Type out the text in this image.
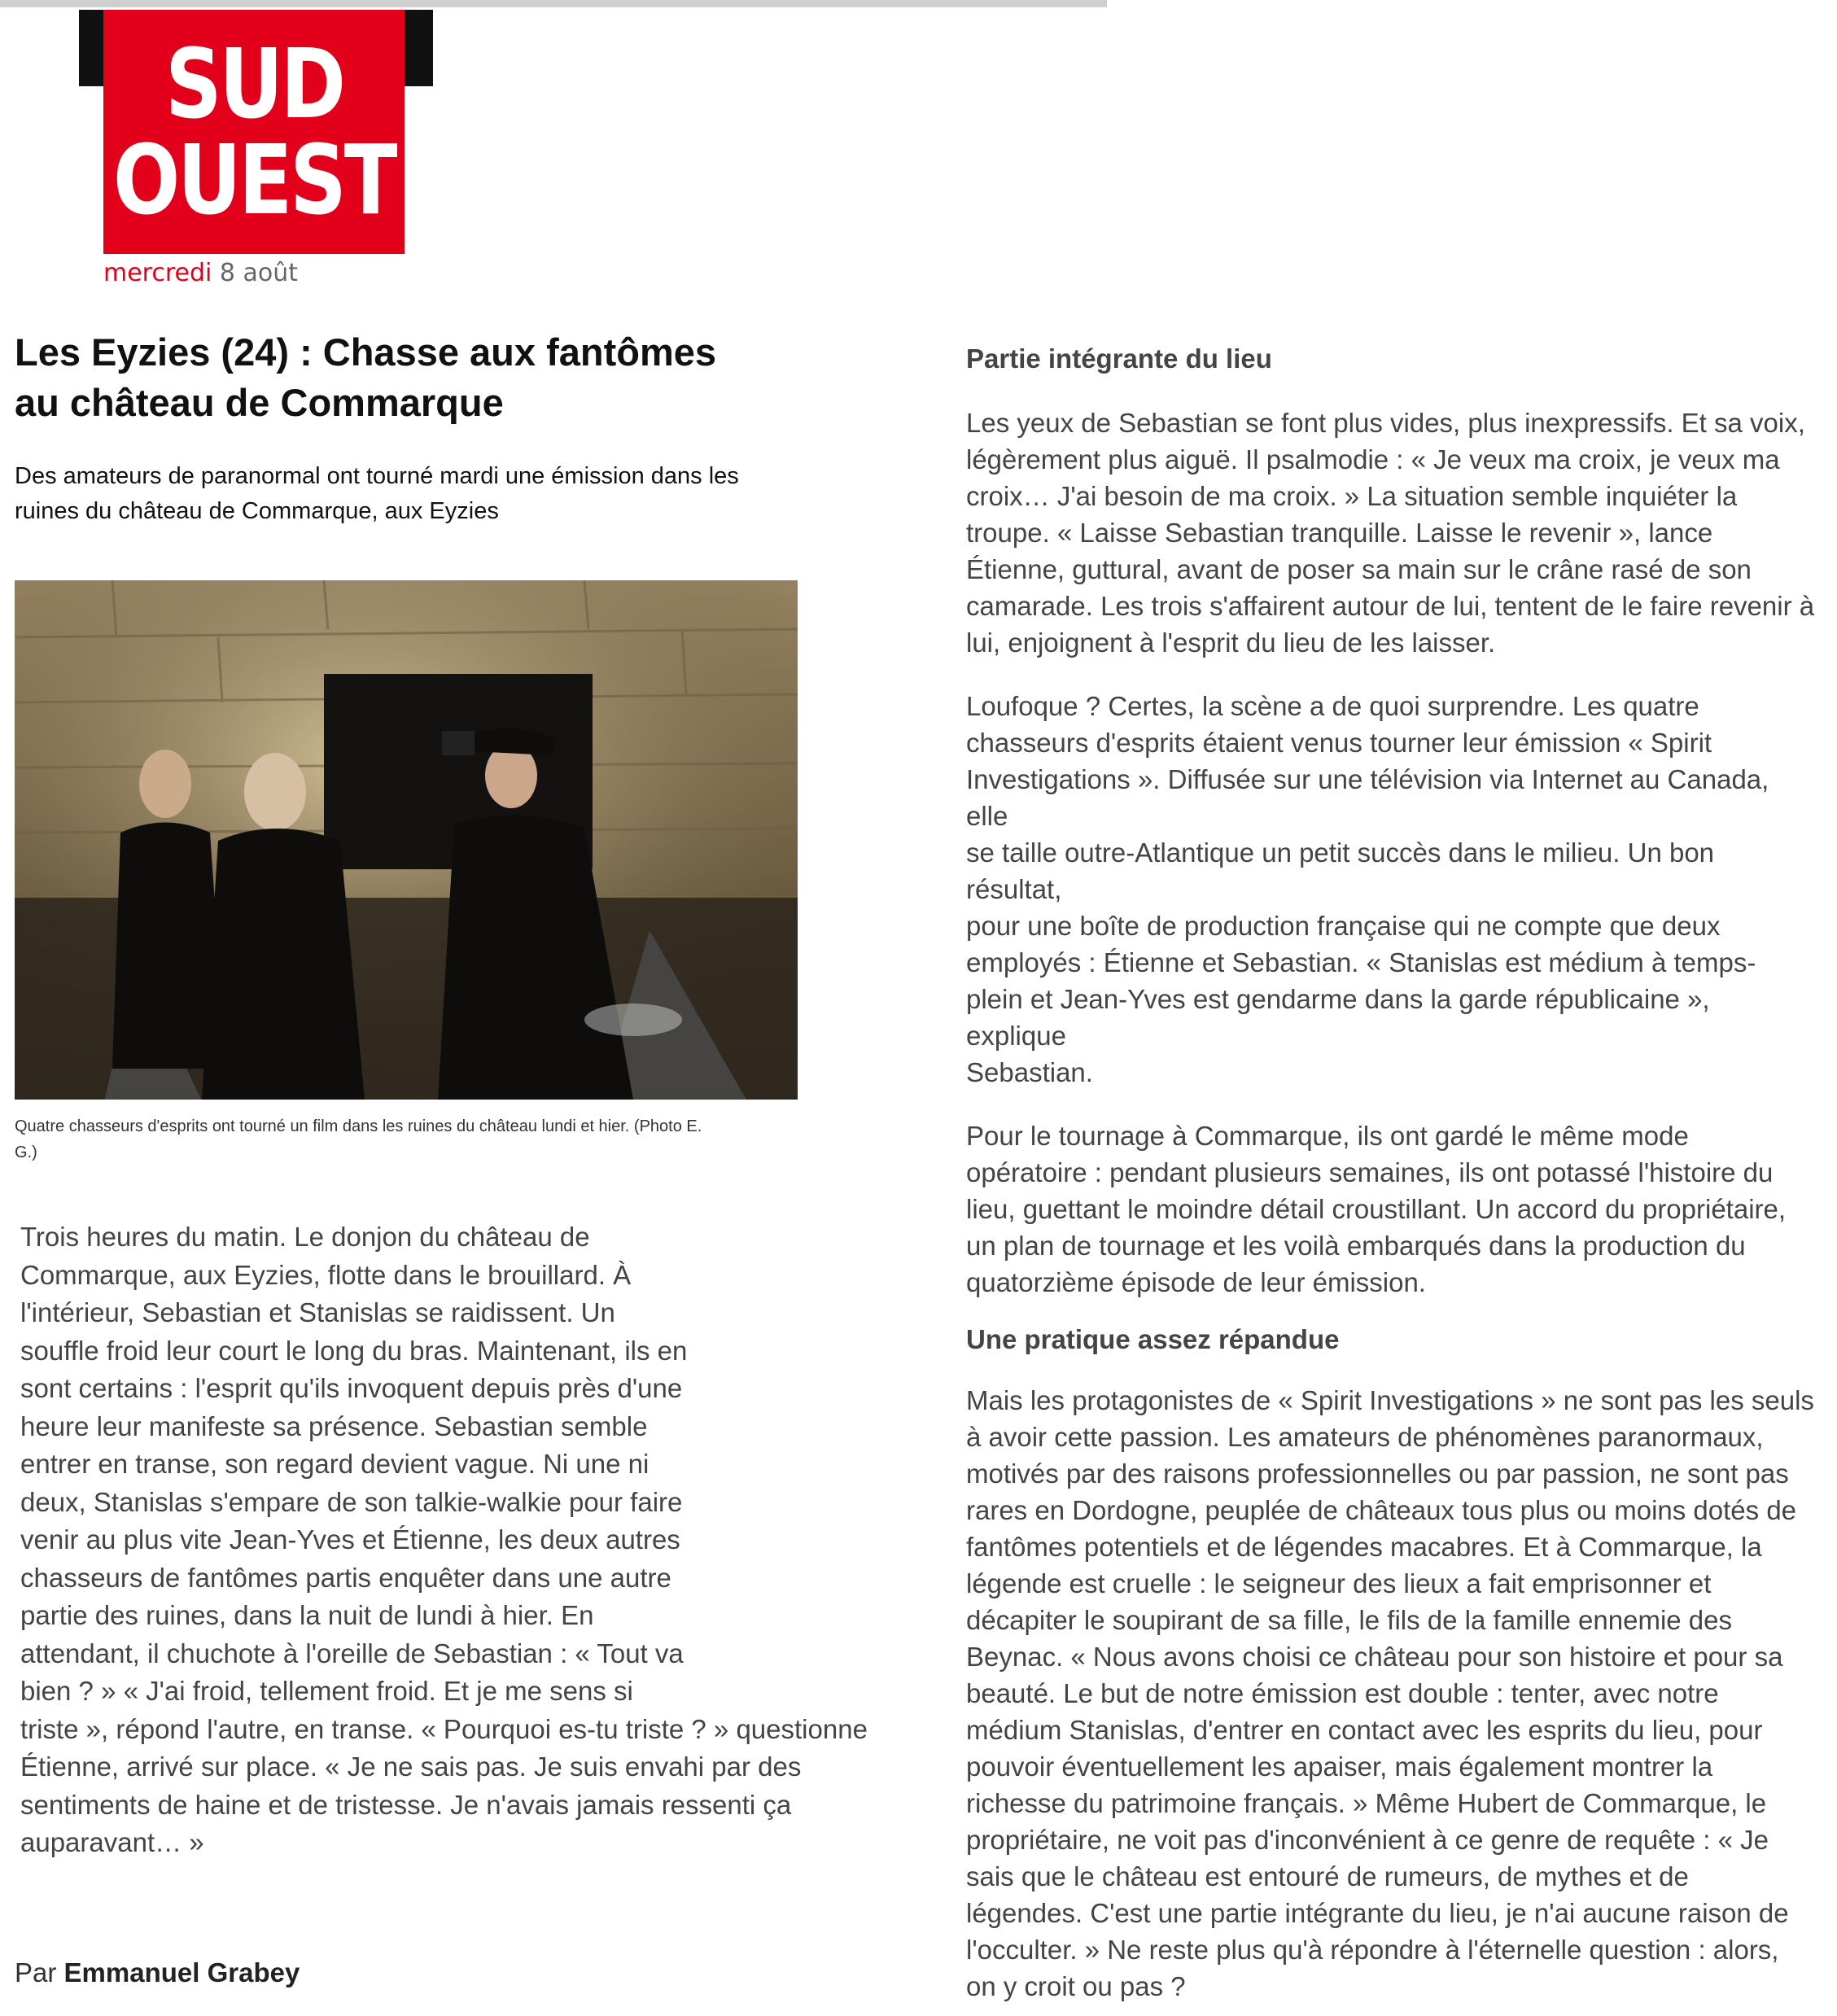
SUD
OUEST
mercredi 8 août
Les Eyzies (24) : Chasse aux fantômes
au château de Commarque

Des amateurs de paranormal ont tourné mardi une émission dans les
ruines du château de Commarque, aux Eyzies

Quatre chasseurs d'esprits ont tourné un film dans les ruines du château lundi et hier. (Photo E.
G.)
Trois heures du matin. Le donjon du château de
Commarque, aux Eyzies, flotte dans le brouillard. À
l'intérieur, Sebastian et Stanislas se raidissent. Un
souffle froid leur court le long du bras. Maintenant, ils en
sont certains : l'esprit qu'ils invoquent depuis près d'une
heure leur manifeste sa présence. Sebastian semble
entrer en transe, son regard devient vague. Ni une ni
deux, Stanislas s'empare de son talkie-walkie pour faire
venir au plus vite Jean-Yves et Étienne, les deux autres
chasseurs de fantômes partis enquêter dans une autre
partie des ruines, dans la nuit de lundi à hier. En
attendant, il chuchote à l'oreille de Sebastian : « Tout va
bien ? » « J'ai froid, tellement froid. Et je me sens si
triste », répond l'autre, en transe. « Pourquoi es-tu triste ? » questionne
Étienne, arrivé sur place. « Je ne sais pas. Je suis envahi par des
sentiments de haine et de tristesse. Je n'avais jamais ressenti ça
auparavant… »
Par Emmanuel Grabey

Partie intégrante du lieu

Les yeux de Sebastian se font plus vides, plus inexpressifs. Et sa voix,
légèrement plus aiguë. Il psalmodie : « Je veux ma croix, je veux ma
croix… J'ai besoin de ma croix. » La situation semble inquiéter la
troupe. « Laisse Sebastian tranquille. Laisse le revenir », lance
Étienne, guttural, avant de poser sa main sur le crâne rasé de son
camarade. Les trois s'affairent autour de lui, tentent de le faire revenir à
lui, enjoignent à l'esprit du lieu de les laisser.

Loufoque ? Certes, la scène a de quoi surprendre. Les quatre
chasseurs d'esprits étaient venus tourner leur émission « Spirit
Investigations ». Diffusée sur une télévision via Internet au Canada, elle
se taille outre-Atlantique un petit succès dans le milieu. Un bon résultat,
pour une boîte de production française qui ne compte que deux
employés : Étienne et Sebastian. « Stanislas est médium à temps-
plein et Jean-Yves est gendarme dans la garde républicaine », explique
Sebastian.

Pour le tournage à Commarque, ils ont gardé le même mode
opératoire : pendant plusieurs semaines, ils ont potassé l'histoire du
lieu, guettant le moindre détail croustillant. Un accord du propriétaire,
un plan de tournage et les voilà embarqués dans la production du
quatorzième épisode de leur émission.

Une pratique assez répandue

Mais les protagonistes de « Spirit Investigations » ne sont pas les seuls
à avoir cette passion. Les amateurs de phénomènes paranormaux,
motivés par des raisons professionnelles ou par passion, ne sont pas
rares en Dordogne, peuplée de châteaux tous plus ou moins dotés de
fantômes potentiels et de légendes macabres. Et à Commarque, la
légende est cruelle : le seigneur des lieux a fait emprisonner et
décapiter le soupirant de sa fille, le fils de la famille ennemie des
Beynac. « Nous avons choisi ce château pour son histoire et pour sa
beauté. Le but de notre émission est double : tenter, avec notre
médium Stanislas, d'entrer en contact avec les esprits du lieu, pour
pouvoir éventuellement les apaiser, mais également montrer la
richesse du patrimoine français. » Même Hubert de Commarque, le
propriétaire, ne voit pas d'inconvénient à ce genre de requête : « Je
sais que le château est entouré de rumeurs, de mythes et de
légendes. C'est une partie intégrante du lieu, je n'ai aucune raison de
l'occulter. » Ne reste plus qu'à répondre à l'éternelle question : alors,
on y croit ou pas ?
